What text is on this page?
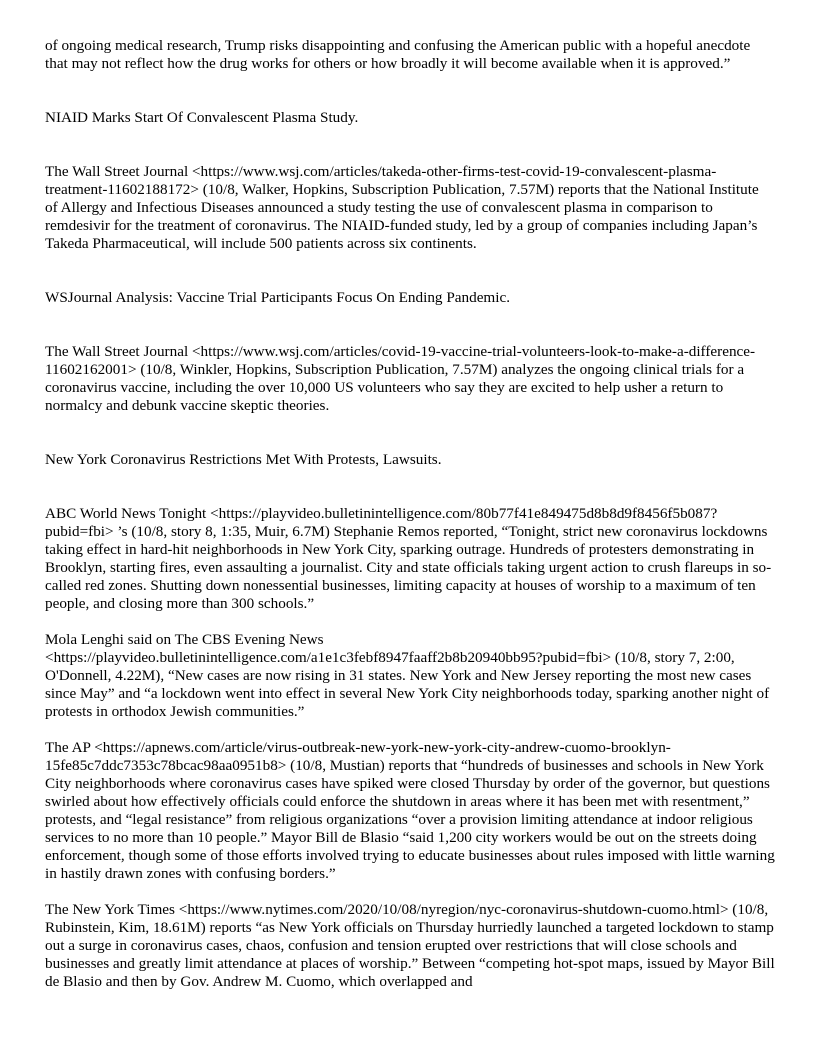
of ongoing medical research, Trump risks disappointing and confusing the American public with a hopeful anecdote that may not reflect how the drug works for others or how broadly it will become available when it is approved.”

NIAID Marks Start Of Convalescent Plasma Study.

The Wall Street Journal <https://www.wsj.com/articles/takeda-other-firms-test-covid-19-convalescent-plasma-treatment-11602188172> (10/8, Walker, Hopkins, Subscription Publication, 7.57M) reports that the National Institute of Allergy and Infectious Diseases announced a study testing the use of convalescent plasma in comparison to remdesivir for the treatment of coronavirus. The NIAID-funded study, led by a group of companies including Japan’s Takeda Pharmaceutical, will include 500 patients across six continents.

WSJournal Analysis: Vaccine Trial Participants Focus On Ending Pandemic.

The Wall Street Journal <https://www.wsj.com/articles/covid-19-vaccine-trial-volunteers-look-to-make-a-difference-11602162001> (10/8, Winkler, Hopkins, Subscription Publication, 7.57M) analyzes the ongoing clinical trials for a coronavirus vaccine, including the over 10,000 US volunteers who say they are excited to help usher a return to normalcy and debunk vaccine skeptic theories.

New York Coronavirus Restrictions Met With Protests, Lawsuits.

ABC World News Tonight <https://playvideo.bulletinintelligence.com/80b77f41e849475d8b8d9f8456f5b087?pubid=fbi> ’s (10/8, story 8, 1:35, Muir, 6.7M) Stephanie Remos reported, “Tonight, strict new coronavirus lockdowns taking effect in hard-hit neighborhoods in New York City, sparking outrage. Hundreds of protesters demonstrating in Brooklyn, starting fires, even assaulting a journalist. City and state officials taking urgent action to crush flareups in so-called red zones. Shutting down nonessential businesses, limiting capacity at houses of worship to a maximum of ten people, and closing more than 300 schools.”

Mola Lenghi said on The CBS Evening News <https://playvideo.bulletinintelligence.com/a1e1c3febf8947faaff2b8b20940bb95?pubid=fbi> (10/8, story 7, 2:00, O'Donnell, 4.22M), “New cases are now rising in 31 states. New York and New Jersey reporting the most new cases since May” and “a lockdown went into effect in several New York City neighborhoods today, sparking another night of protests in orthodox Jewish communities.”

The AP <https://apnews.com/article/virus-outbreak-new-york-new-york-city-andrew-cuomo-brooklyn-15fe85c7ddc7353c78bcac98aa0951b8> (10/8, Mustian) reports that “hundreds of businesses and schools in New York City neighborhoods where coronavirus cases have spiked were closed Thursday by order of the governor, but questions swirled about how effectively officials could enforce the shutdown in areas where it has been met with resentment,” protests, and “legal resistance” from religious organizations “over a provision limiting attendance at indoor religious services to no more than 10 people.” Mayor Bill de Blasio “said 1,200 city workers would be out on the streets doing enforcement, though some of those efforts involved trying to educate businesses about rules imposed with little warning in hastily drawn zones with confusing borders.”

The New York Times <https://www.nytimes.com/2020/10/08/nyregion/nyc-coronavirus-shutdown-cuomo.html> (10/8, Rubinstein, Kim, 18.61M) reports “as New York officials on Thursday hurriedly launched a targeted lockdown to stamp out a surge in coronavirus cases, chaos, confusion and tension erupted over restrictions that will close schools and businesses and greatly limit attendance at places of worship.” Between “competing hot-spot maps, issued by Mayor Bill de Blasio and then by Gov. Andrew M. Cuomo, which overlapped and
